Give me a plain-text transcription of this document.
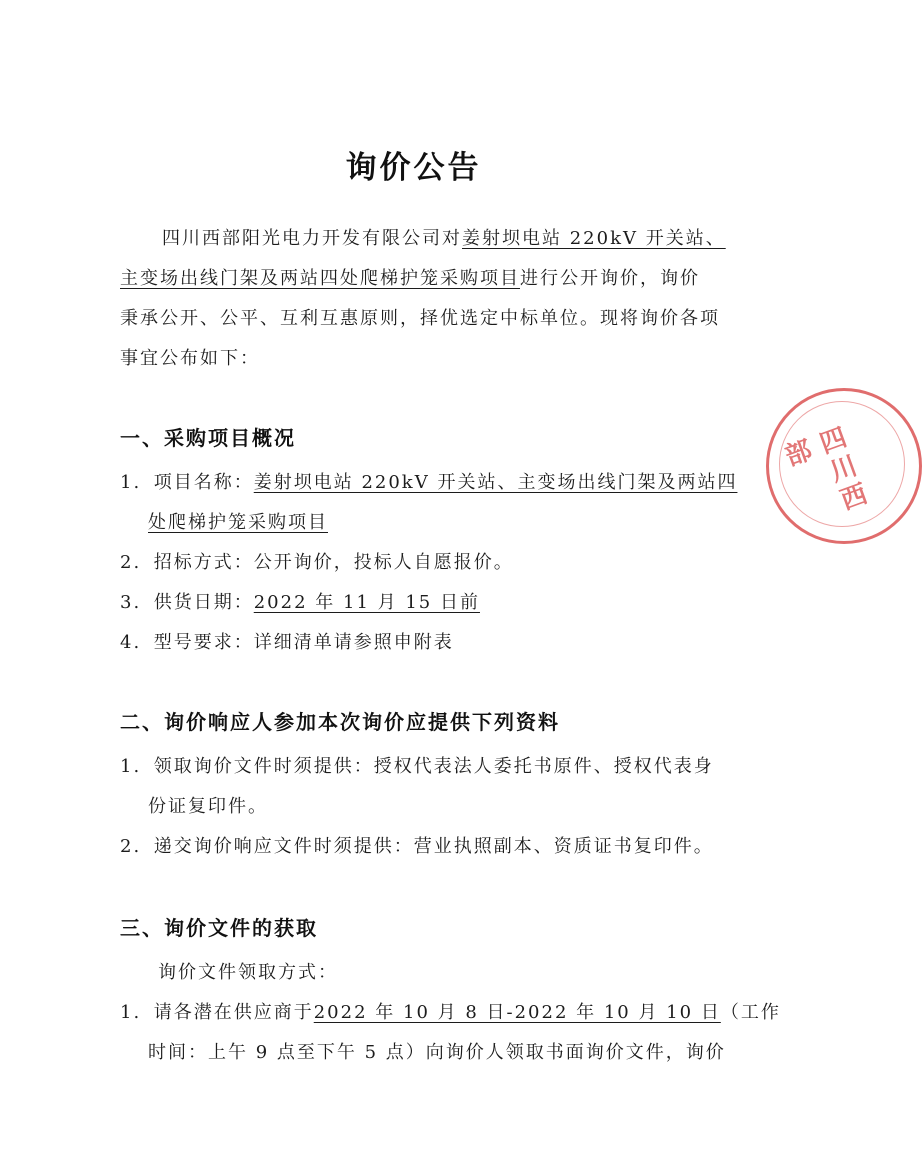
询价公告
四川西部阳光电力开发有限公司对姜射坝电站 220kV 开关站、
主变场出线门架及两站四处爬梯护笼采购项目进行公开询价，询价
秉承公开、公平、互利互惠原则，择优选定中标单位。现将询价各项
事宜公布如下：
一、采购项目概况
1. 项目名称：姜射坝电站 220kV 开关站、主变场出线门架及两站四
处爬梯护笼采购项目
2. 招标方式：公开询价，投标人自愿报价。
3. 供货日期：2022 年 11 月 15 日前
4. 型号要求：详细清单请参照申附表
二、询价响应人参加本次询价应提供下列资料
1. 领取询价文件时须提供：授权代表法人委托书原件、授权代表身
份证复印件。
2. 递交询价响应文件时须提供：营业执照副本、资质证书复印件。
三、询价文件的获取
询价文件领取方式：
1. 请各潜在供应商于2022 年 10 月 8 日-2022 年 10 月 10 日（工作
时间：上午 9 点至下午 5 点）向询价人领取书面询价文件，询价
四川西部
